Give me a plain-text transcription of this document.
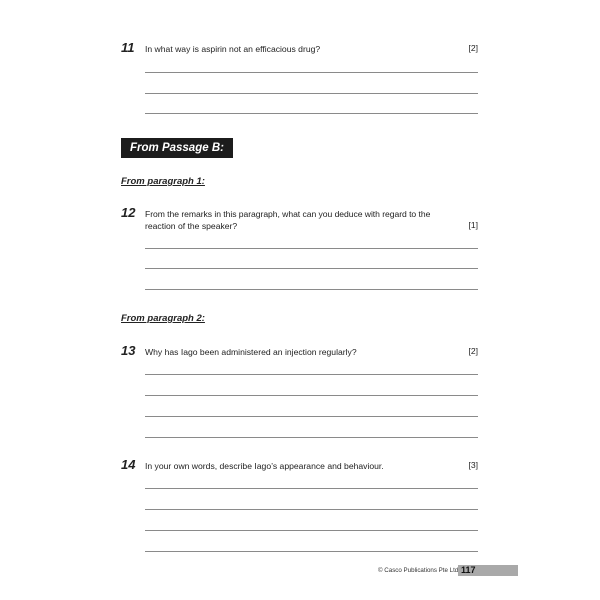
11 In what way is aspirin not an efficacious drug?	[2]
From Passage B:
From paragraph 1:
12 From the remarks in this paragraph, what can you deduce with regard to the
reaction of the speaker?	[1]
From paragraph 2:
13 Why has Iago been administered an injection regularly?	[2]
14 In your own words, describe Iago’s appearance and behaviour.	[3]
© Casco Publications Pte Ltd 117
